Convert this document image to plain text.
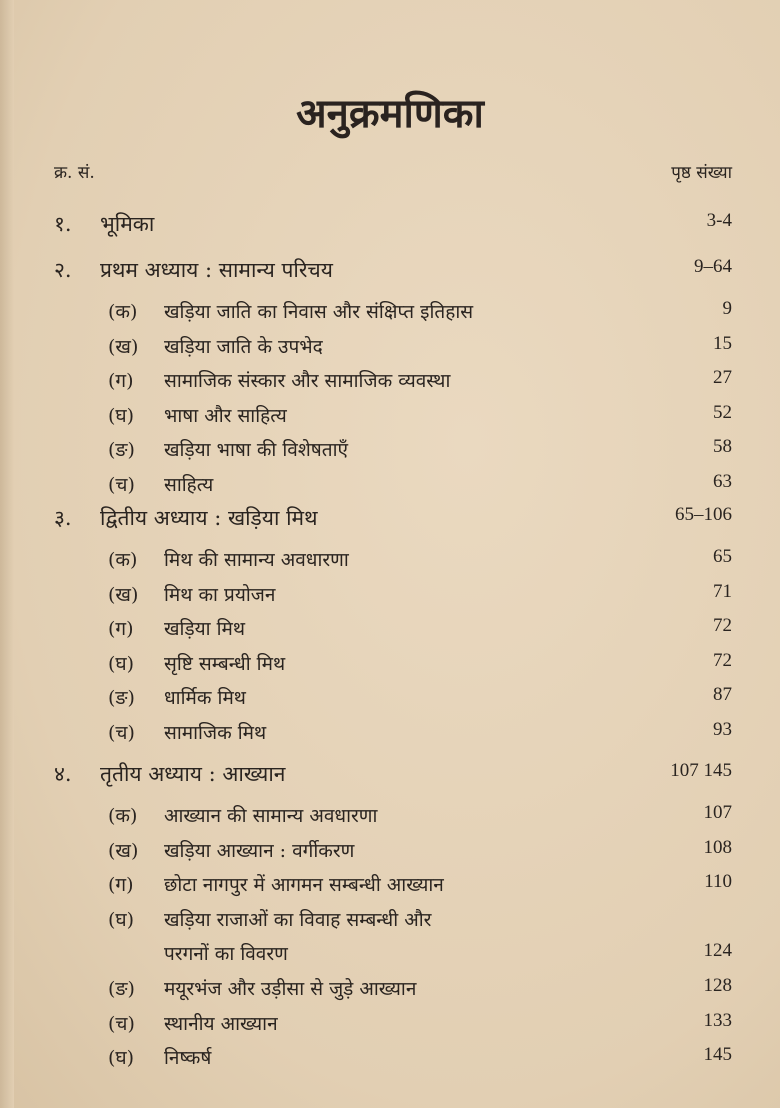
अनुक्रमणिका
क्र. सं.	पृष्ठ संख्या
१. भूमिका	3-4
२. प्रथम अध्याय : सामान्य परिचय	9–64
(क) खड़िया जाति का निवास और संक्षिप्त इतिहास	9
(ख) खड़िया जाति के उपभेद	15
(ग) सामाजिक संस्कार और सामाजिक व्यवस्था	27
(घ) भाषा और साहित्य	52
(ङ) खड़िया भाषा की विशेषताएँ	58
(च) साहित्य	63
३. द्वितीय अध्याय : खड़िया मिथ	65–106
(क) मिथ की सामान्य अवधारणा	65
(ख) मिथ का प्रयोजन	71
(ग) खड़िया मिथ	72
(घ) सृष्टि सम्बन्धी मिथ	72
(ङ) धार्मिक मिथ	87
(च) सामाजिक मिथ	93
४. तृतीय अध्याय : आख्यान	107 145
(क) आख्यान की सामान्य अवधारणा	107
(ख) खड़िया आख्यान : वर्गीकरण	108
(ग) छोटा नागपुर में आगमन सम्बन्धी आख्यान	110
(घ) खड़िया राजाओं का विवाह सम्बन्धी और
परगनों का विवरण	124
(ङ) मयूरभंज और उड़ीसा से जुड़े आख्यान	128
(च) स्थानीय आख्यान	133
(घ) निष्कर्ष	145
